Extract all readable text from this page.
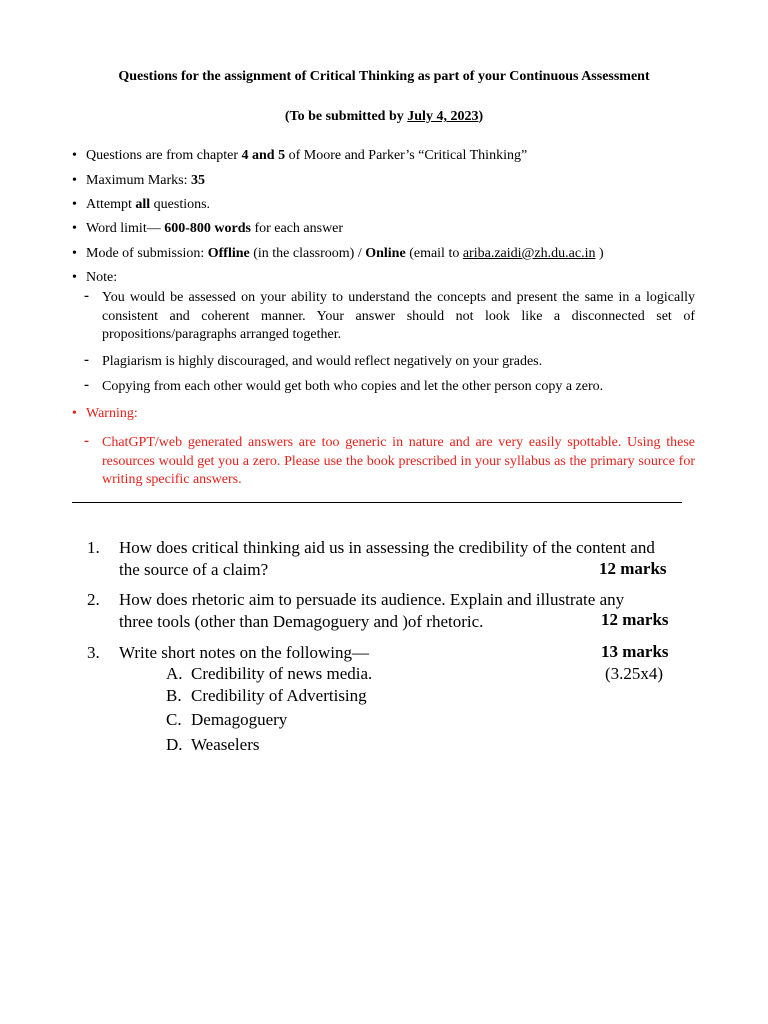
Questions for the assignment of Critical Thinking as part of your Continuous Assessment
(To be submitted by July 4, 2023)
• Questions are from chapter 4 and 5 of Moore and Parker’s “Critical Thinking”
• Maximum Marks: 35
• Attempt all questions.
• Word limit— 600-800 words for each answer
• Mode of submission: Offline (in the classroom) / Online (email to ariba.zaidi@zh.du.ac.in )
• Note:
- You would be assessed on your ability to understand the concepts and present the same in a logically consistent and coherent manner. Your answer should not look like a disconnected set of propositions/paragraphs arranged together.
- Plagiarism is highly discouraged, and would reflect negatively on your grades.
- Copying from each other would get both who copies and let the other person copy a zero.
• Warning:
- ChatGPT/web generated answers are too generic in nature and are very easily spottable. Using these resources would get you a zero. Please use the book prescribed in your syllabus as the primary source for writing specific answers.
1. How does critical thinking aid us in assessing the credibility of the content and
the source of a claim?	12 marks
2. How does rhetoric aim to persuade its audience. Explain and illustrate any
three tools (other than Demagoguery and )of rhetoric.	12 marks
3. Write short notes on the following—	13 marks
(3.25x4)
A. Credibility of news media.
B. Credibility of Advertising
C. Demagoguery
D. Weaselers
